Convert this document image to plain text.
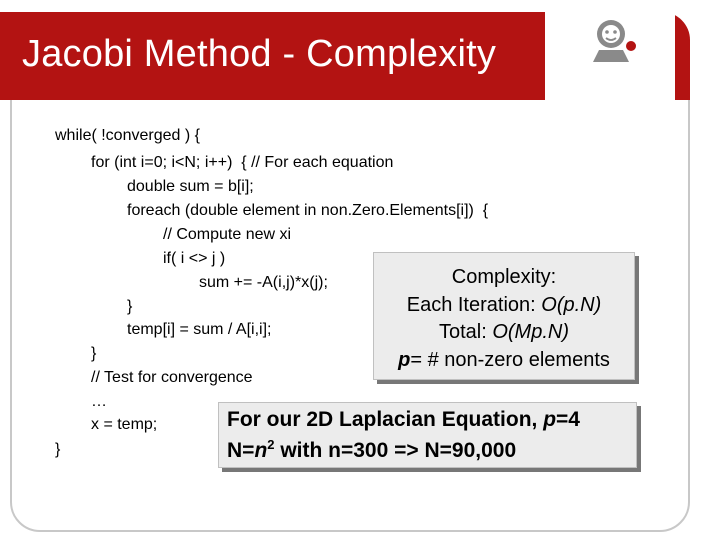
Jacobi Method - Complexity
while( !converged ) {
for (int i=0; i<N; i++)  { // For each equation
double sum = b[i];
foreach (double element in non.Zero.Elements[i])  {
// Compute new xi
if( i <> j )
sum += -A(i,j)*x(j);
}
temp[i] = sum / A[i,i];
}
// Test for convergence
…
x = temp;
}
Complexity:
Each Iteration: O(p.N)
Total: O(Mp.N)
p= # non-zero elements
For our 2D Laplacian Equation, p=4
$N=n^2$ with n=300 => N=90,000
